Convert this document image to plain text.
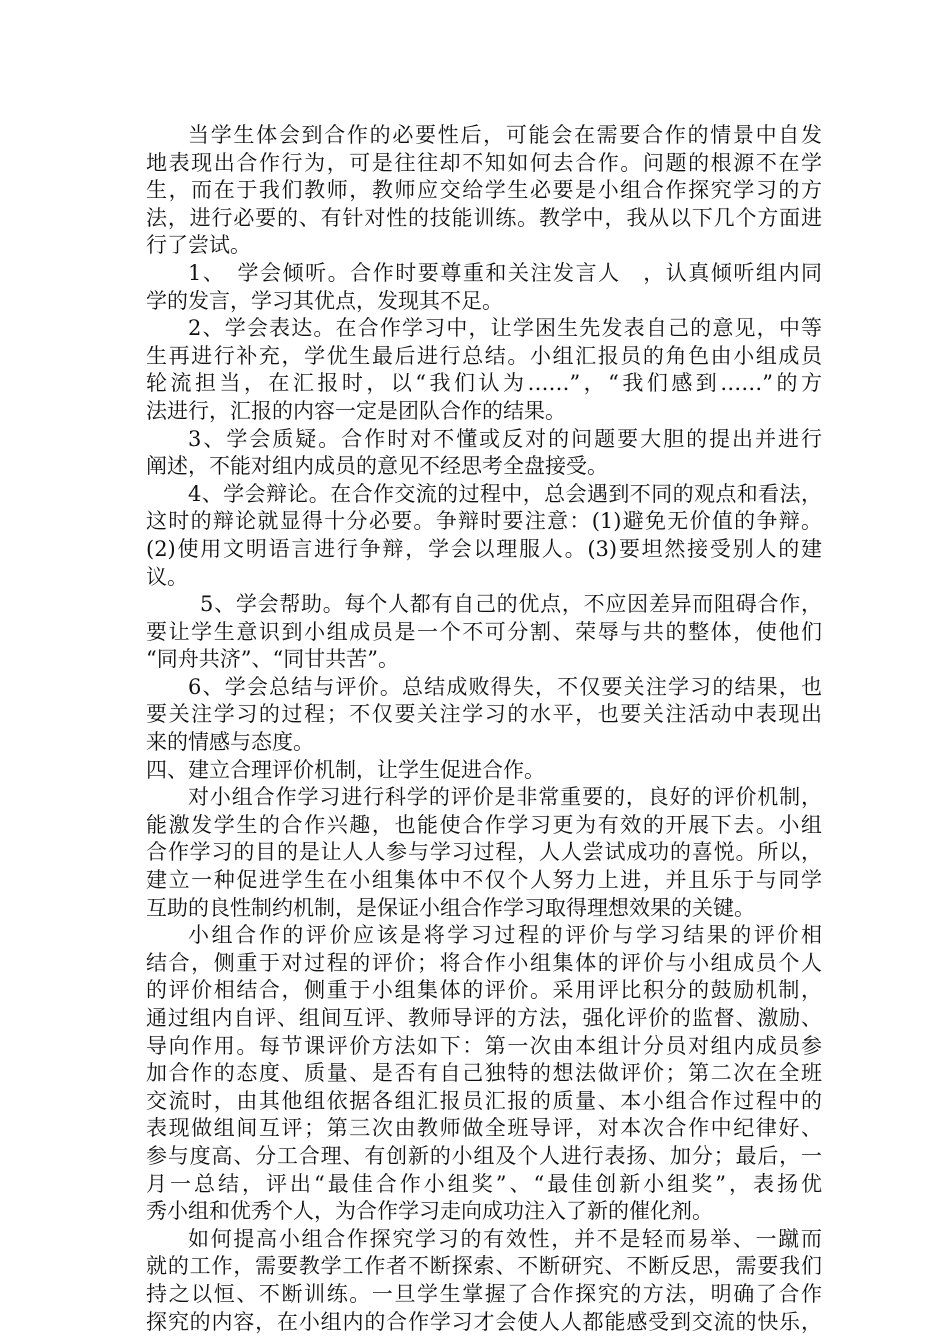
当学生体会到合作的必要性后，可能会在需要合作的情景中自发
地表现出合作行为，可是往往却不知如何去合作。问题的根源不在学
生，而在于我们教师，教师应交给学生必要是小组合作探究学习的方
法，进行必要的、有针对性的技能训练。教学中，我从以下几个方面进
行了尝试。
1、　学会倾听。合作时要尊重和关注发言人　，认真倾听组内同
学的发言，学习其优点，发现其不足。
2、学会表达。在合作学习中，让学困生先发表自己的意见，中等
生再进行补充，学优生最后进行总结。小组汇报员的角色由小组成员
轮流担当，在汇报时，以“我们认为……”，“我们感到……”的方
法进行，汇报的内容一定是团队合作的结果。
3、学会质疑。合作时对不懂或反对的问题要大胆的提出并进行
阐述，不能对组内成员的意见不经思考全盘接受。
4、学会辩论。在合作交流的过程中，总会遇到不同的观点和看法，
这时的辩论就显得十分必要。争辩时要注意：(1)避免无价值的争辩。
(2)使用文明语言进行争辩，学会以理服人。(3)要坦然接受别人的建
议。
5、学会帮助。每个人都有自己的优点，不应因差异而阻碍合作，
要让学生意识到小组成员是一个不可分割、荣辱与共的整体，使他们
“同舟共济”、“同甘共苦”。
6、学会总结与评价。总结成败得失，不仅要关注学习的结果，也
要关注学习的过程；不仅要关注学习的水平，也要关注活动中表现出
来的情感与态度。
四、建立合理评价机制，让学生促进合作。
对小组合作学习进行科学的评价是非常重要的，良好的评价机制，
能激发学生的合作兴趣，也能使合作学习更为有效的开展下去。小组
合作学习的目的是让人人参与学习过程，人人尝试成功的喜悦。所以，
建立一种促进学生在小组集体中不仅个人努力上进，并且乐于与同学
互助的良性制约机制，是保证小组合作学习取得理想效果的关键。
小组合作的评价应该是将学习过程的评价与学习结果的评价相
结合，侧重于对过程的评价；将合作小组集体的评价与小组成员个人
的评价相结合，侧重于小组集体的评价。采用评比积分的鼓励机制，
通过组内自评、组间互评、教师导评的方法，强化评价的监督、激励、
导向作用。每节课评价方法如下：第一次由本组计分员对组内成员参
加合作的态度、质量、是否有自己独特的想法做评价；第二次在全班
交流时，由其他组依据各组汇报员汇报的质量、本小组合作过程中的
表现做组间互评；第三次由教师做全班导评，对本次合作中纪律好、
参与度高、分工合理、有创新的小组及个人进行表扬、加分；最后，一
月一总结，评出“最佳合作小组奖”、“最佳创新小组奖”，表扬优
秀小组和优秀个人，为合作学习走向成功注入了新的催化剂。
如何提高小组合作探究学习的有效性，并不是轻而易举、一蹴而
就的工作，需要教学工作者不断探索、不断研究、不断反思，需要我们
持之以恒、不断训练。一旦学生掌握了合作探究的方法，明确了合作
探究的内容，在小组内的合作学习才会使人人都能感受到交流的快乐，
